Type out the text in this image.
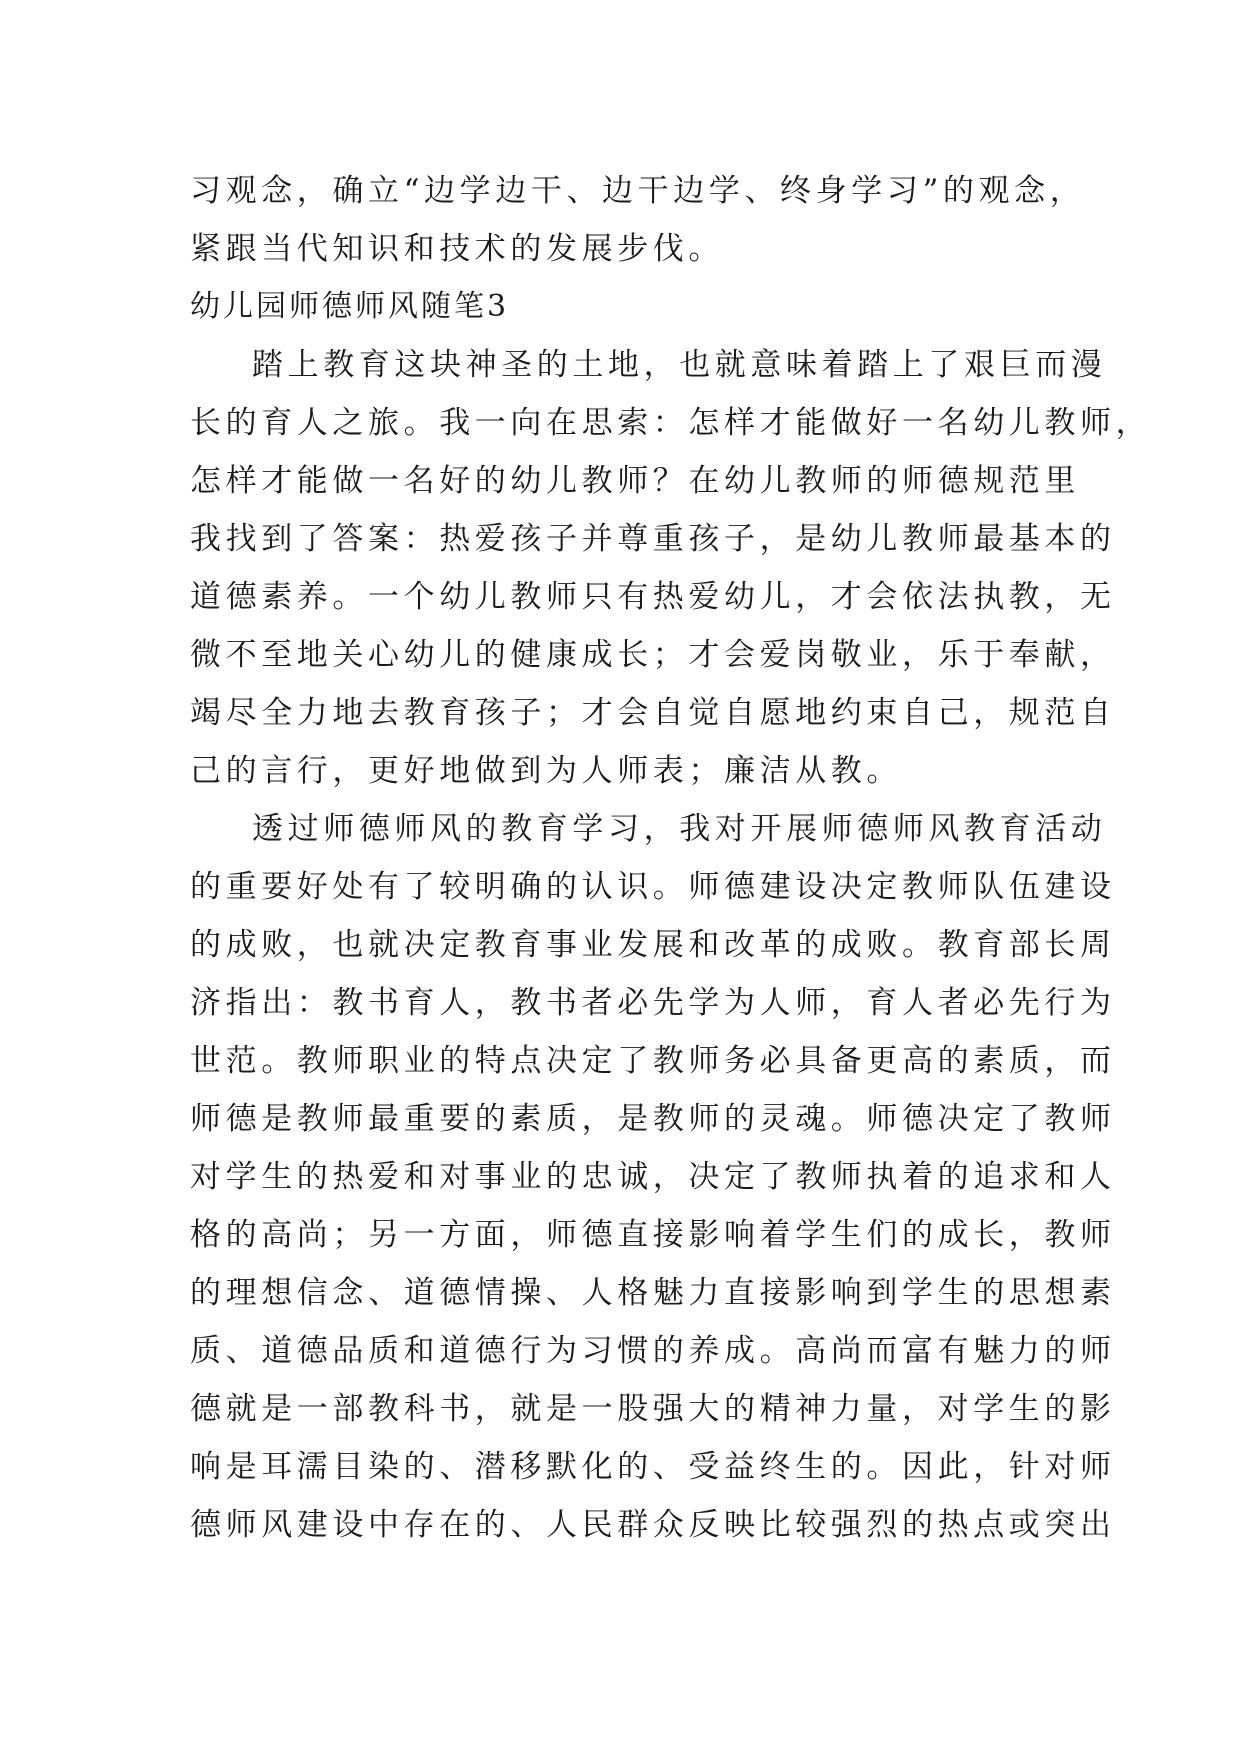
习观念，确立“边学边干、边干边学、终身学习”的观念，
紧跟当代知识和技术的发展步伐。
幼儿园师德师风随笔3
踏上教育这块神圣的土地，也就意味着踏上了艰巨而漫
长的育人之旅。我一向在思索：怎样才能做好一名幼儿教师，
怎样才能做一名好的幼儿教师？在幼儿教师的师德规范里
我找到了答案：热爱孩子并尊重孩子，是幼儿教师最基本的
道德素养。一个幼儿教师只有热爱幼儿，才会依法执教，无
微不至地关心幼儿的健康成长；才会爱岗敬业，乐于奉献，
竭尽全力地去教育孩子；才会自觉自愿地约束自己，规范自
己的言行，更好地做到为人师表；廉洁从教。
透过师德师风的教育学习，我对开展师德师风教育活动
的重要好处有了较明确的认识。师德建设决定教师队伍建设
的成败，也就决定教育事业发展和改革的成败。教育部长周
济指出：教书育人，教书者必先学为人师，育人者必先行为
世范。教师职业的特点决定了教师务必具备更高的素质，而
师德是教师最重要的素质，是教师的灵魂。师德决定了教师
对学生的热爱和对事业的忠诚，决定了教师执着的追求和人
格的高尚；另一方面，师德直接影响着学生们的成长，教师
的理想信念、道德情操、人格魅力直接影响到学生的思想素
质、道德品质和道德行为习惯的养成。高尚而富有魅力的师
德就是一部教科书，就是一股强大的精神力量，对学生的影
响是耳濡目染的、潜移默化的、受益终生的。因此，针对师
德师风建设中存在的、人民群众反映比较强烈的热点或突出
